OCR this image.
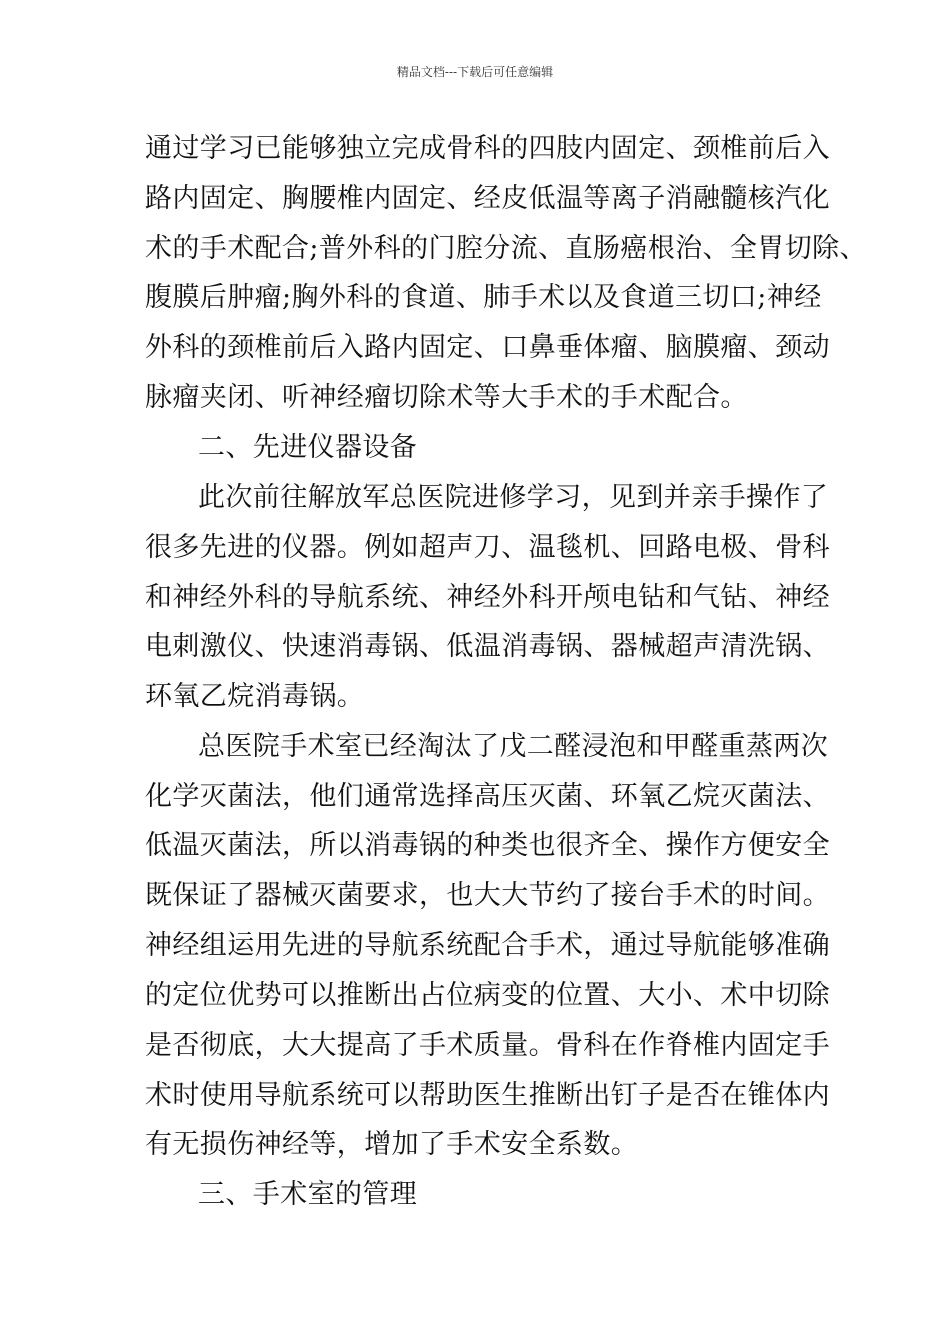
精品文档---下载后可任意编辑
通过学习已能够独立完成骨科的四肢内固定、颈椎前后入
路内固定、胸腰椎内固定、经皮低温等离子消融髓核汽化
术的手术配合;普外科的门腔分流、直肠癌根治、全胃切除、
腹膜后肿瘤;胸外科的食道、肺手术以及食道三切口;神经
外科的颈椎前后入路内固定、口鼻垂体瘤、脑膜瘤、颈动
脉瘤夹闭、听神经瘤切除术等大手术的手术配合。
二、先进仪器设备
此次前往解放军总医院进修学习，见到并亲手操作了
很多先进的仪器。例如超声刀、温毯机、回路电极、骨科
和神经外科的导航系统、神经外科开颅电钻和气钻、神经
电刺激仪、快速消毒锅、低温消毒锅、器械超声清洗锅、
环氧乙烷消毒锅。
总医院手术室已经淘汰了戊二醛浸泡和甲醛重蒸两次
化学灭菌法，他们通常选择高压灭菌、环氧乙烷灭菌法、
低温灭菌法，所以消毒锅的种类也很齐全、操作方便安全
既保证了器械灭菌要求，也大大节约了接台手术的时间。
神经组运用先进的导航系统配合手术，通过导航能够准确
的定位优势可以推断出占位病变的位置、大小、术中切除
是否彻底，大大提高了手术质量。骨科在作脊椎内固定手
术时使用导航系统可以帮助医生推断出钉子是否在锥体内
有无损伤神经等，增加了手术安全系数。
三、手术室的管理
